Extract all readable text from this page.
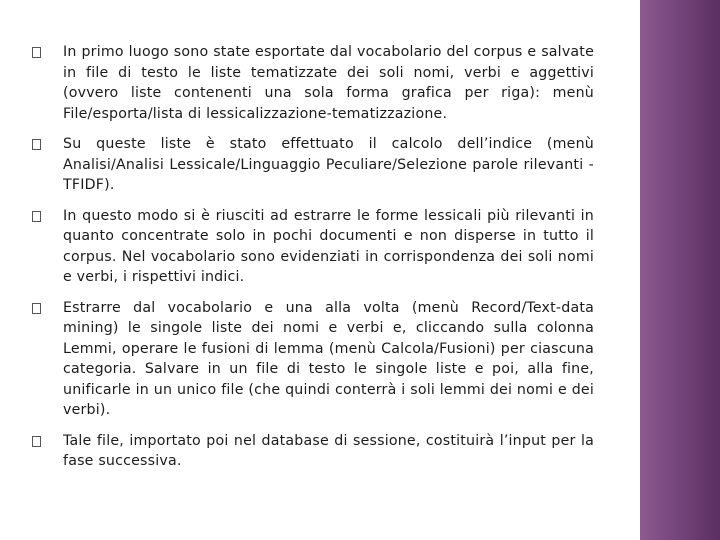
In primo luogo sono state esportate dal vocabolario del corpus e salvate in file di testo le liste tematizzate dei soli nomi, verbi e aggettivi (ovvero liste contenenti una sola forma grafica per riga): menù File/esporta/lista di lessicalizzazione-tematizzazione.

Su queste liste è stato effettuato il calcolo dell’indice (menù Analisi/Analisi Lessicale/Linguaggio Peculiare/Selezione parole rilevanti - TFIDF).

In questo modo si è riusciti ad estrarre le forme lessicali più rilevanti in quanto concentrate solo in pochi documenti e non disperse in tutto il corpus. Nel vocabolario sono evidenziati in corrispondenza dei soli nomi e verbi, i rispettivi indici.

Estrarre dal vocabolario e una alla volta (menù Record/Text-data mining) le singole liste dei nomi e verbi e, cliccando sulla colonna Lemmi, operare le fusioni di lemma (menù Calcola/Fusioni) per ciascuna categoria. Salvare in un file di testo le singole liste e poi, alla fine, unificarle in un unico file (che quindi conterrà i soli lemmi dei nomi e dei verbi).

Tale file, importato poi nel database di sessione, costituirà l’input per la fase successiva.
